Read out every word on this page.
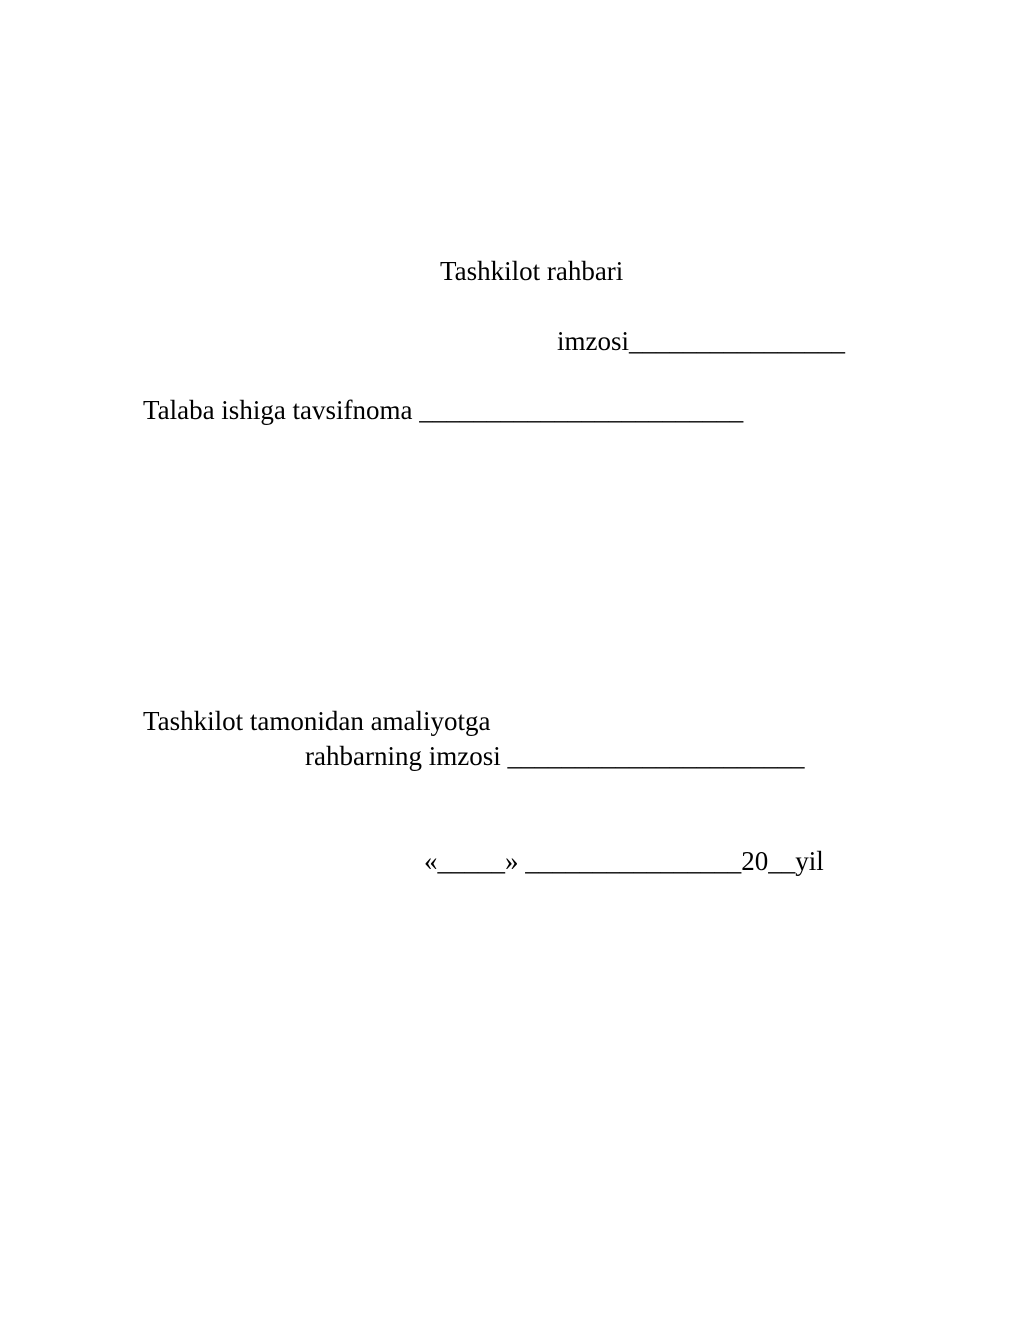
Tashkilot rahbari
imzosi________________
Talaba ishiga tavsifnoma ________________________
Tashkilot tamonidan amaliyotga
rahbarning imzosi ______________________
«_____» ________________20__yil
